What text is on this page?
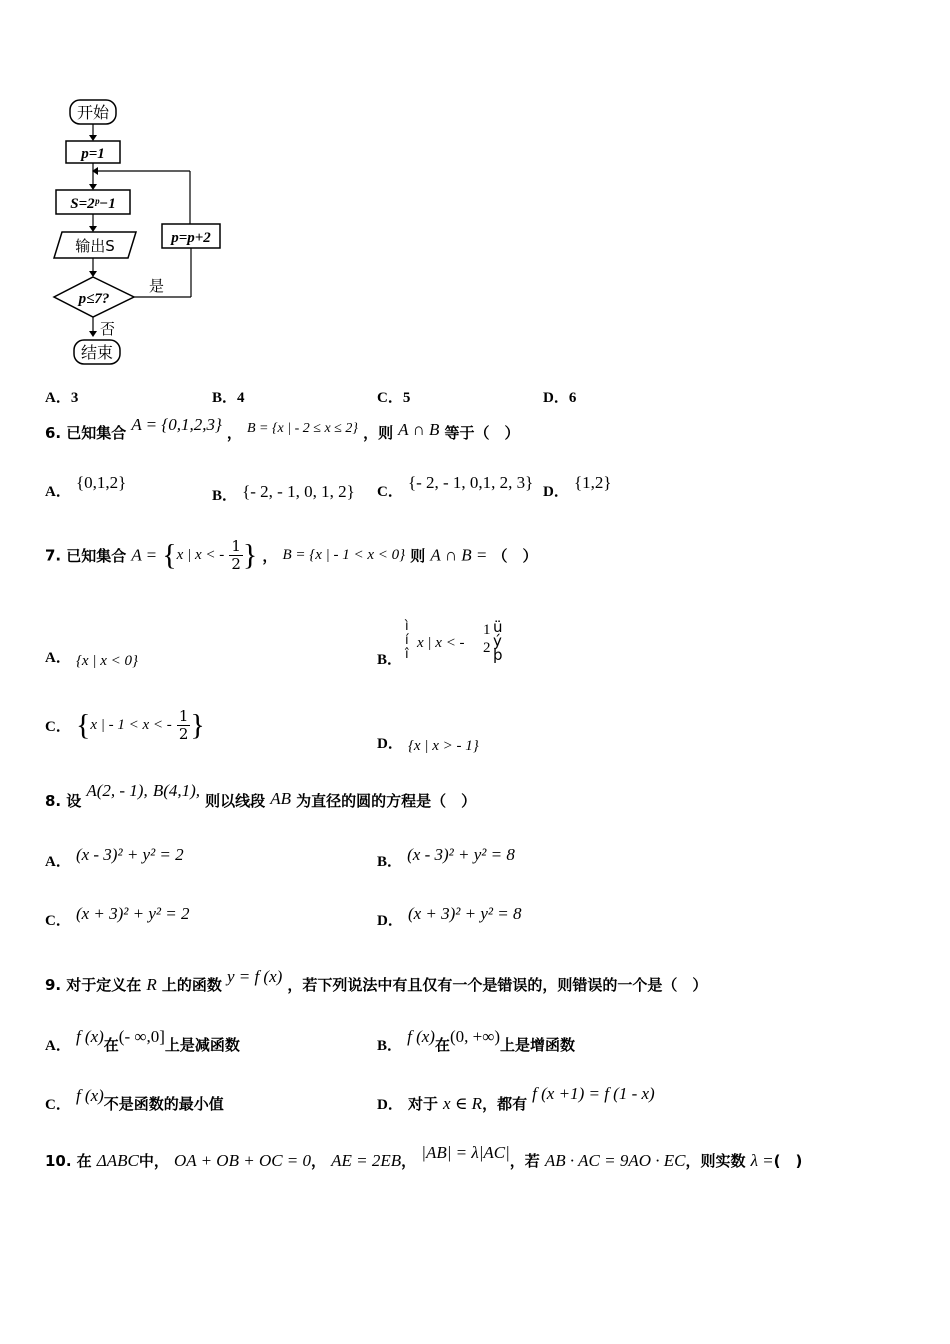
开始
p=1
S=2ᵖ−1
输出S	p=p+2
p≤7?
是
否
结束
A．3	B．4	C．5	D．6
6. 已知集合 A = {0,1,2,3} ， B = {x | - 2 ≤ x ≤ 2} ，则 A ∩ B 等于（　）
A． {0,1,2}
B． {- 2, - 1, 0, 1, 2} C． {- 2, - 1, 0,1, 2, 3} D． {1,2}
7. 已知集合 A = {x | x < - $\frac{1}{2}$ } ， B = {x | - 1 < x < 0} 则 A ∩ B = （　）
A． {x | x < 0}	B．
ì
í
î
x | x < -
1
2
ü
ý
þ
C． {x | - 1 < x < - $\frac{1}{2}$ }
D． {x | x > - 1}
8. 设 A(2, - 1), B(4,1), 则以线段 AB 为直径的圆的方程是（　）
A． (x - 3)² + y² = 2	B． (x - 3)² + y² = 8
C． (x + 3)² + y² = 2	D． (x + 3)² + y² = 8
9. 对于定义在 R 上的函数 y = f (x) ，若下列说法中有且仅有一个是错误的，则错误的一个是（　）
A． f (x)在(- ∞,0]上是减函数	B． f (x)在(0, +∞)上是增函数
C． f (x)不是函数的最小值	D． 对于 x ∈ R，都有 f (x +1) = f (1 - x)
10. 在 ΔABC中， OA + OB + OC = 0， AE = 2EB， |AB| = λ|AC|，若 AB · AC = 9AO · EC，则实数 λ =(　)
